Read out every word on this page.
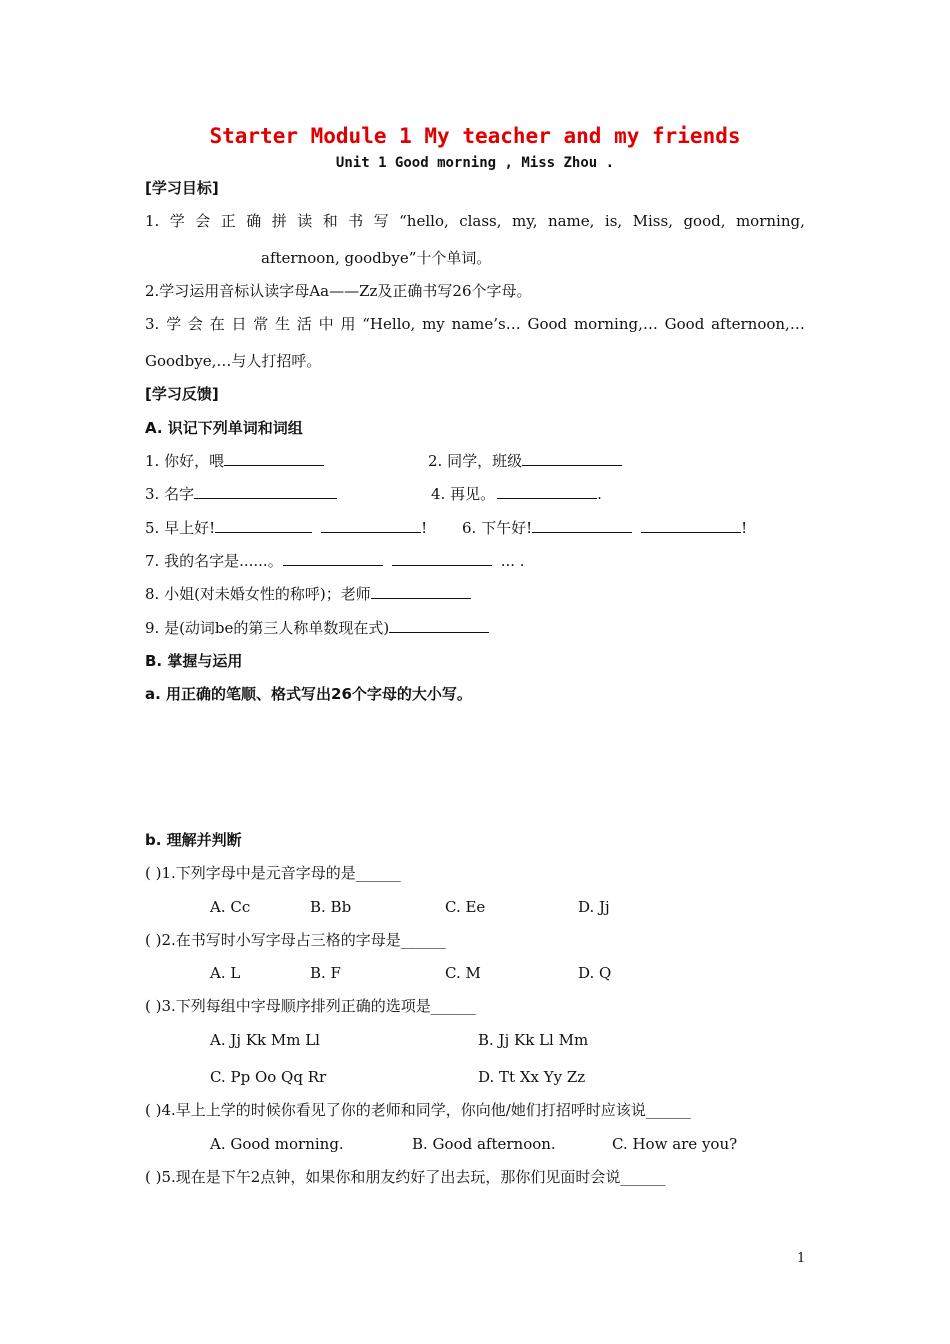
Starter Module 1 My teacher and my friends
Unit 1 Good morning , Miss Zhou .
[学习目标]
1. 学 会 正 确 拼 读 和 书 写 “hello, class, my, name, is, Miss, good, morning,
afternoon, goodbye”十个单词。
2.学习运用音标认读字母Aa——Zz及正确书写26个字母。
3. 学 会 在 日 常 生 活 中 用 “Hello, my name’s… Good morning,… Good afternoon,…
Goodbye,…与人打招呼。
[学习反馈]
A. 识记下列单词和词组
1. 你好，喂	2. 同学，班级
3. 名字	4. 再见。	.
5. 早上好!	! 6. 下午好!	!
7. 我的名字是......。	... .
8. 小姐(对未婚女性的称呼)；老师
9. 是(动词be的第三人称单数现在式)
B. 掌握与运用
a. 用正确的笔顺、格式写出26个字母的大小写。
b. 理解并判断
( )1.下列字母中是元音字母的是______
A. Cc	B. Bb	C. Ee	D. Jj
( )2.在书写时小写字母占三格的字母是______
A. L	B. F	C. M	D. Q
( )3.下列每组中字母顺序排列正确的选项是______
A. Jj Kk Mm Ll	B. Jj Kk Ll Mm
C. Pp Oo Qq Rr	D. Tt Xx Yy Zz
( )4.早上上学的时候你看见了你的老师和同学，你向他/她们打招呼时应该说______
A. Good morning.	B. Good afternoon.	C. How are you?
( )5.现在是下午2点钟，如果你和朋友约好了出去玩，那你们见面时会说______
1
